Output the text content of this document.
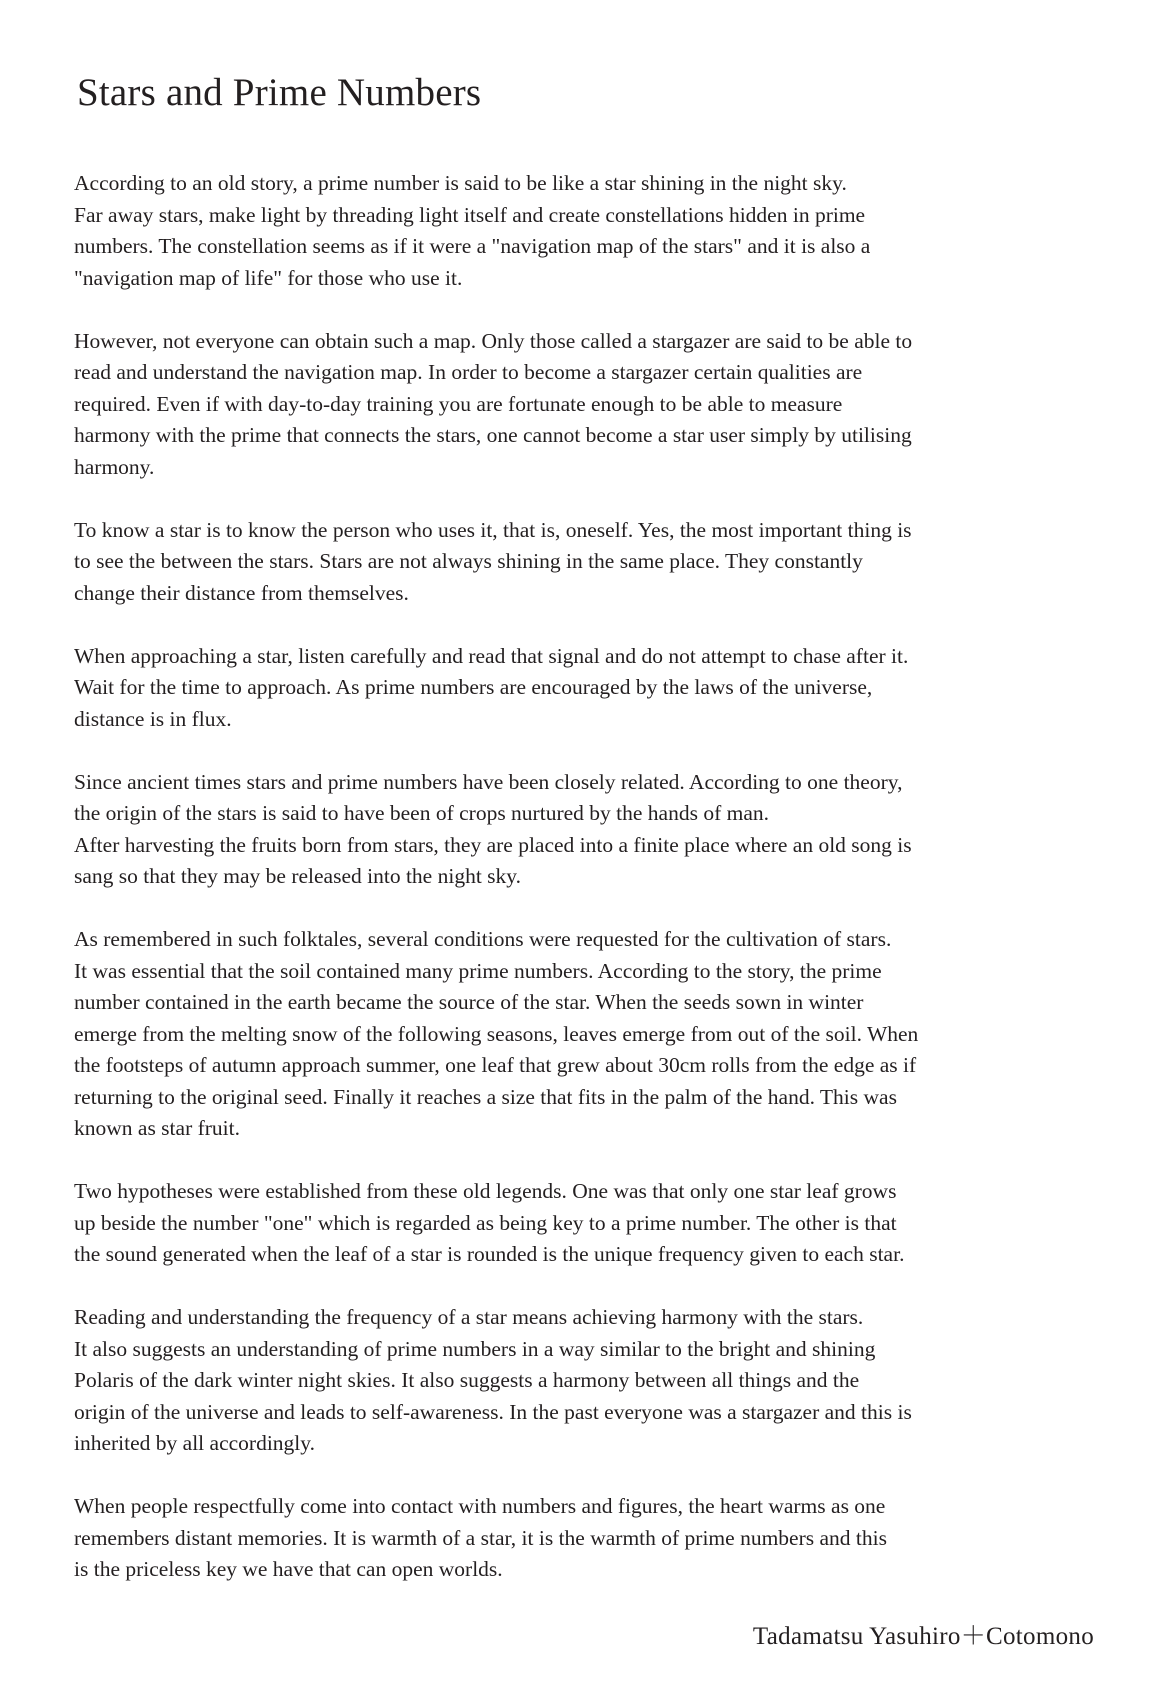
Stars and Prime Numbers

According to an old story, a prime number is said to be like a star shining in the night sky.
Far away stars, make light by threading light itself and create constellations hidden in prime
numbers. The constellation seems as if it were a "navigation map of the stars" and it is also a
"navigation map of life" for those who use it.

However, not everyone can obtain such a map. Only those called a stargazer are said to be able to
read and understand the navigation map. In order to become a stargazer certain qualities are
required. Even if with day-to-day training you are fortunate enough to be able to measure
harmony with the prime that connects the stars, one cannot become a star user simply by utilising
harmony.

To know a star is to know the person who uses it, that is, oneself. Yes, the most important thing is
to see the between the stars. Stars are not always shining in the same place. They constantly
change their distance from themselves.

When approaching a star, listen carefully and read that signal and do not attempt to chase after it.
Wait for the time to approach. As prime numbers are encouraged by the laws of the universe,
distance is in flux.

Since ancient times stars and prime numbers have been closely related. According to one theory,
the origin of the stars is said to have been of crops nurtured by the hands of man.
After harvesting the fruits born from stars, they are placed into a finite place where an old song is
sang so that they may be released into the night sky.

As remembered in such folktales, several conditions were requested for the cultivation of stars.
It was essential that the soil contained many prime numbers. According to the story, the prime
number contained in the earth became the source of the star. When the seeds sown in winter
emerge from the melting snow of the following seasons, leaves emerge from out of the soil. When
the footsteps of autumn approach summer, one leaf that grew about 30cm rolls from the edge as if
returning to the original seed. Finally it reaches a size that fits in the palm of the hand. This was
known as star fruit.

Two hypotheses were established from these old legends. One was that only one star leaf grows
up beside the number "one" which is regarded as being key to a prime number. The other is that
the sound generated when the leaf of a star is rounded is the unique frequency given to each star.

Reading and understanding the frequency of a star means achieving harmony with the stars.
It also suggests an understanding of prime numbers in a way similar to the bright and shining
Polaris of the dark winter night skies. It also suggests a harmony between all things and the
origin of the universe and leads to self-awareness. In the past everyone was a stargazer and this is
inherited by all accordingly.

When people respectfully come into contact with numbers and figures, the heart warms as one
remembers distant memories. It is warmth of a star, it is the warmth of prime numbers and this
is the priceless key we have that can open worlds.

Tadamatsu Yasuhiro＋Cotomono
